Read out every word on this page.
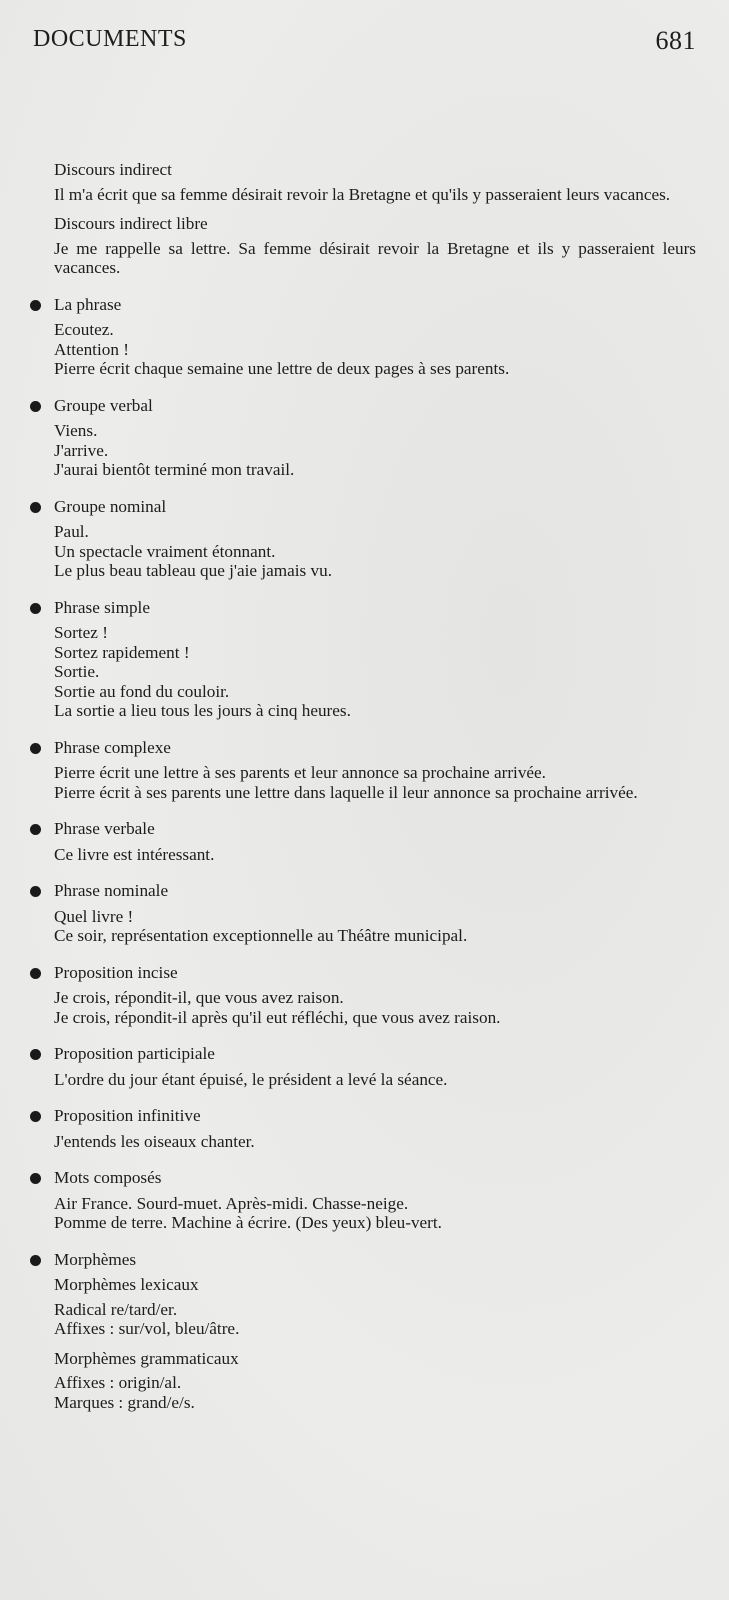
DOCUMENTS	681
Discours indirect
Il m'a écrit que sa femme désirait revoir la Bretagne et qu'ils y passeraient leurs vacances.
Discours indirect libre
Je me rappelle sa lettre. Sa femme désirait revoir la Bretagne et ils y passeraient leurs vacances.
La phrase
Ecoutez.
Attention !
Pierre écrit chaque semaine une lettre de deux pages à ses parents.
Groupe verbal
Viens.
J'arrive.
J'aurai bientôt terminé mon travail.
Groupe nominal
Paul.
Un spectacle vraiment étonnant.
Le plus beau tableau que j'aie jamais vu.
Phrase simple
Sortez !
Sortez rapidement !
Sortie.
Sortie au fond du couloir.
La sortie a lieu tous les jours à cinq heures.
Phrase complexe
Pierre écrit une lettre à ses parents et leur annonce sa prochaine arrivée.
Pierre écrit à ses parents une lettre dans laquelle il leur annonce sa prochaine arrivée.
Phrase verbale
Ce livre est intéressant.
Phrase nominale
Quel livre !
Ce soir, représentation exceptionnelle au Théâtre municipal.
Proposition incise
Je crois, répondit-il, que vous avez raison.
Je crois, répondit-il après qu'il eut réfléchi, que vous avez raison.
Proposition participiale
L'ordre du jour étant épuisé, le président a levé la séance.
Proposition infinitive
J'entends les oiseaux chanter.
Mots composés
Air France. Sourd-muet. Après-midi. Chasse-neige.
Pomme de terre. Machine à écrire. (Des yeux) bleu-vert.
Morphèmes
Morphèmes lexicaux
Radical re/tard/er.
Affixes : sur/vol, bleu/âtre.
Morphèmes grammaticaux
Affixes : origin/al.
Marques : grand/e/s.
